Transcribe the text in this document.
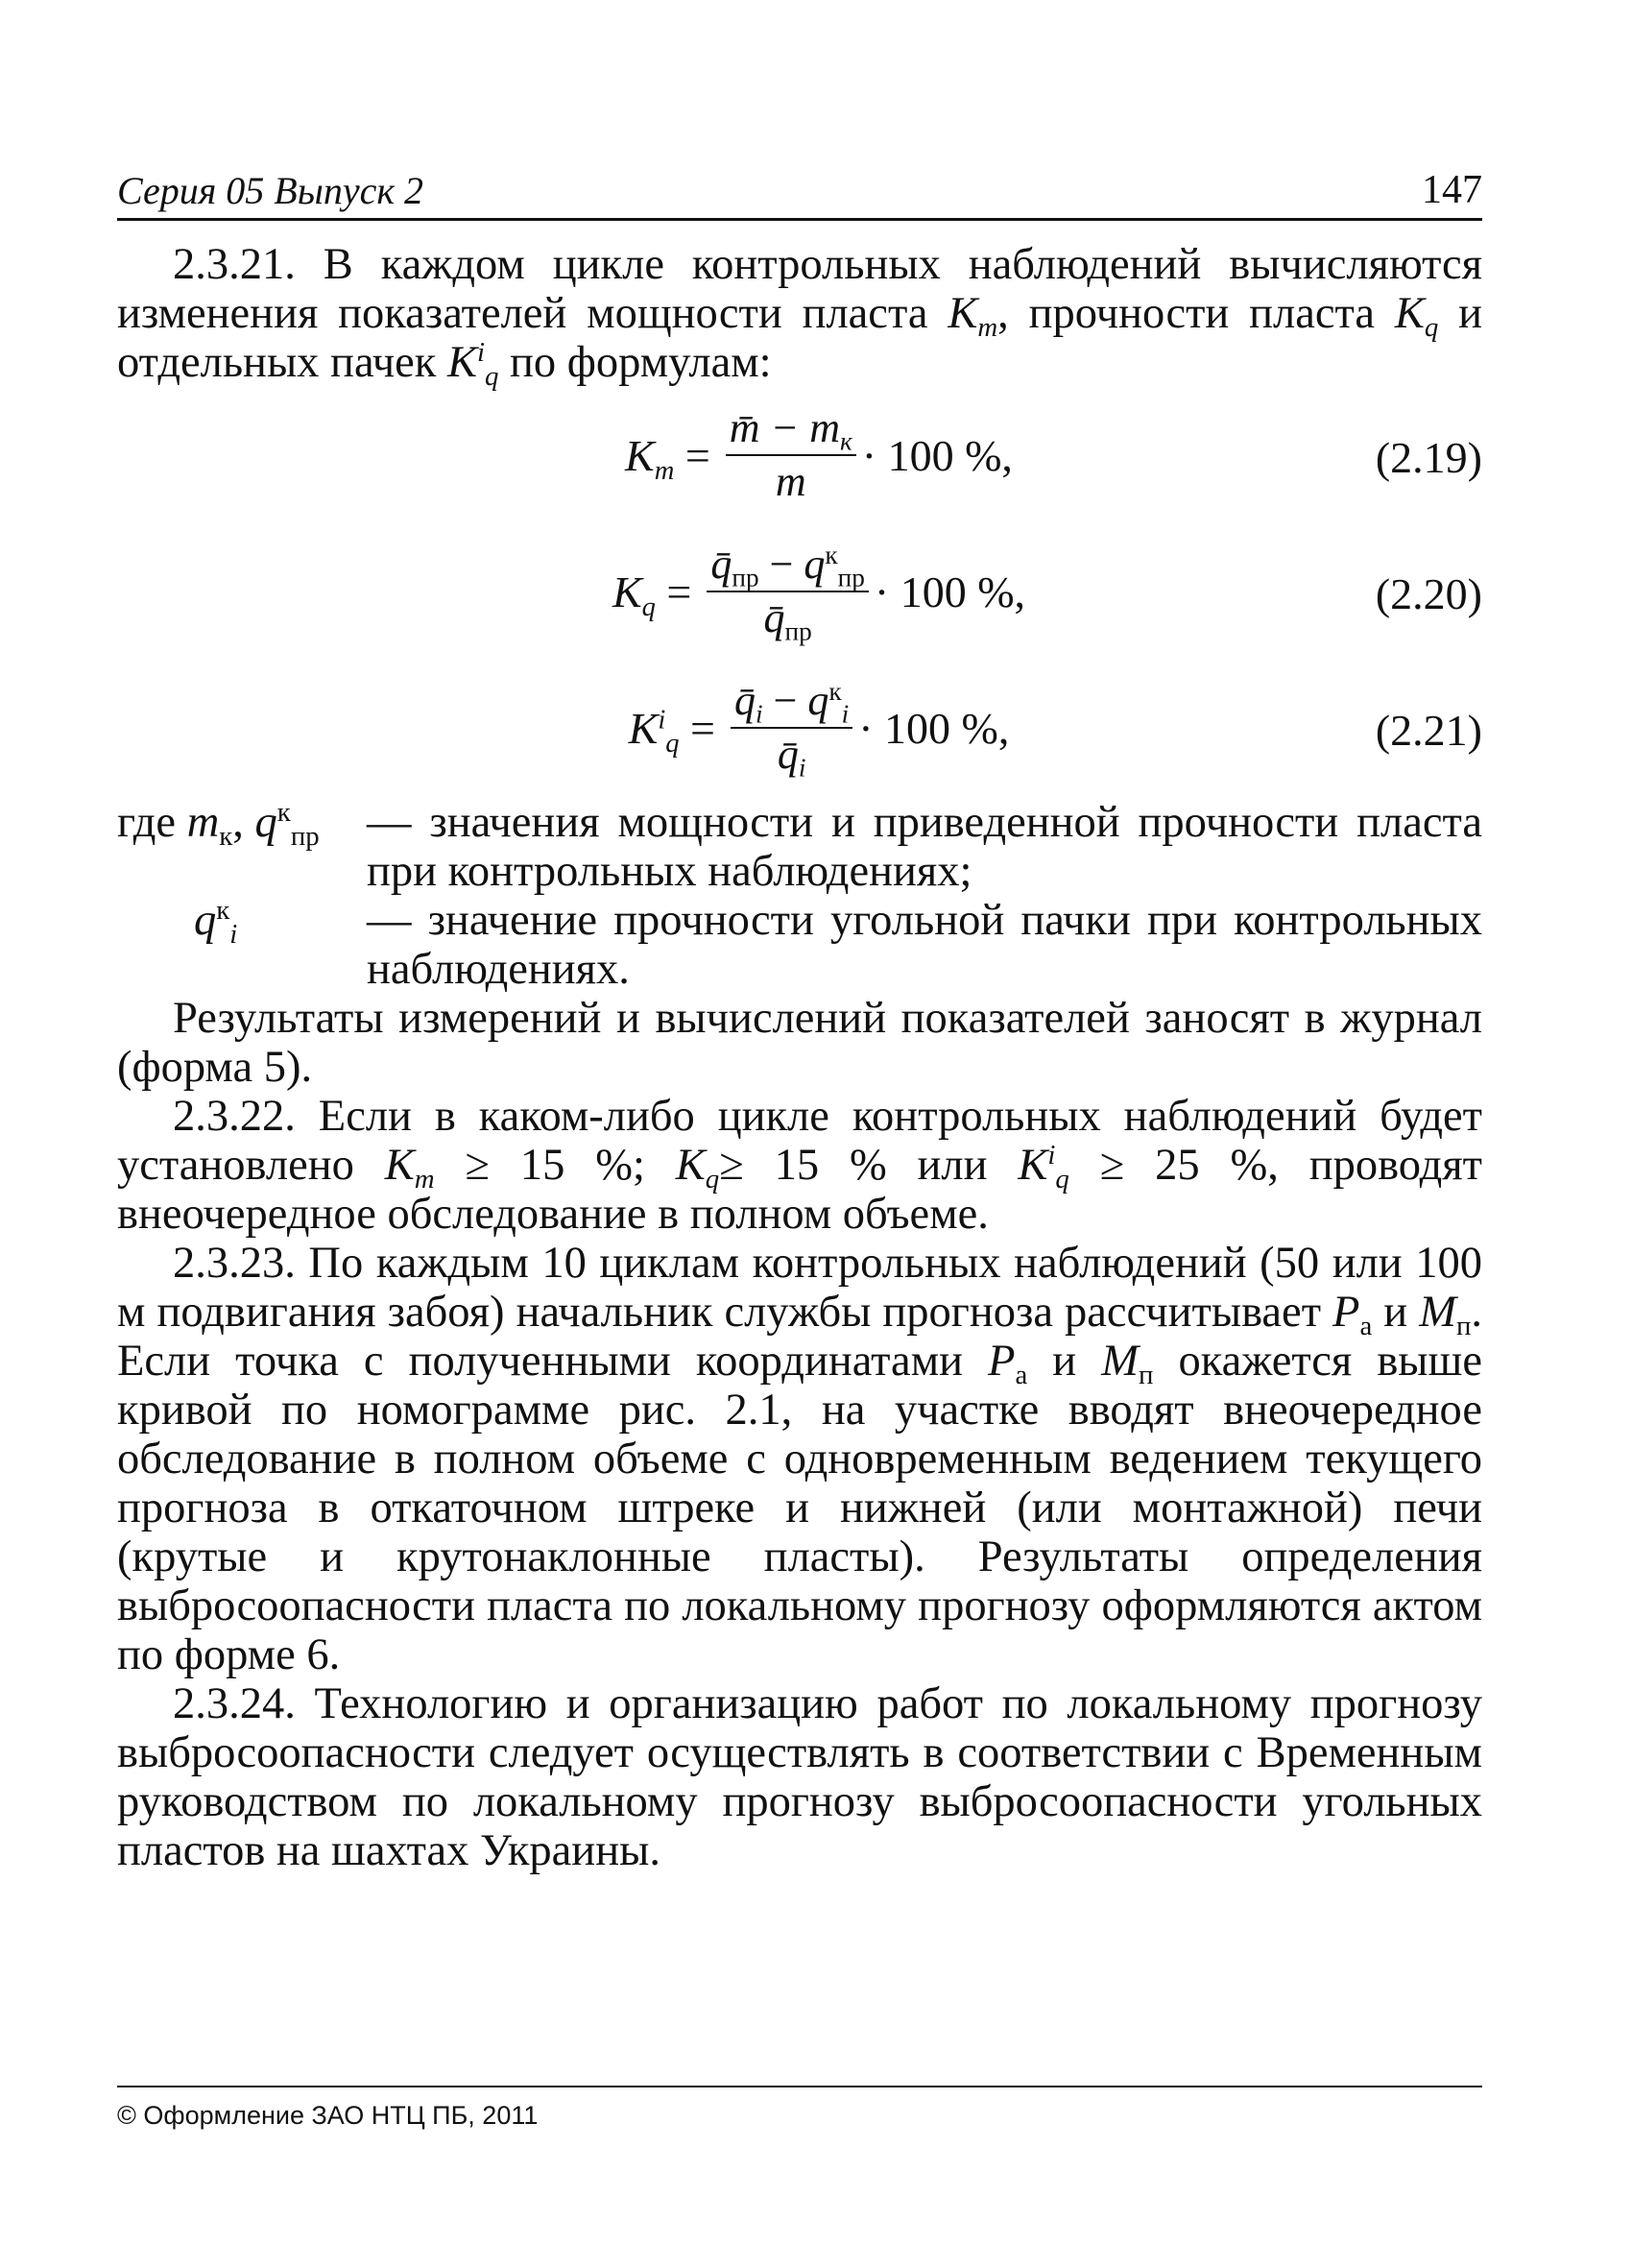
Серия 05 Выпуск 2	147

2.3.21. В каждом цикле контрольных наблюдений вычисляются изменения показателей мощности пласта $K_m$, прочности пласта $K_q$ и отдельных пачек $K^i_q$ по формулам:

$K_m = \frac{m̄ - m_к}{m} \cdot 100$ %,	(2.19)
$K_q = \frac{q̄_{пр} - q^к_{пр}}{q̄_{пр}} \cdot 100$ %,	(2.20)
$K^i_q = \frac{q̄_i - q^к_i}{q̄_i} \cdot 100$ %,	(2.21)
где $m_к$, $q^к_{пр}$	— значения мощности и приведенной прочности пласта при контрольных наблюдениях;
$q^к_i$	— значение прочности угольной пачки при контрольных наблюдениях.

Результаты измерений и вычислений показателей заносят в журнал (форма 5).

2.3.22. Если в каком-либо цикле контрольных наблюдений будет установлено $K_m \ge 15$ %; $K_q\ge 15$ % или $K^i_q \ge 25$ %, проводят внеочередное обследование в полном объеме.

2.3.23. По каждым 10 циклам контрольных наблюдений (50 или 100 м подвигания забоя) начальник службы прогноза рассчитывает $P_а$ и $M_п$. Если точка с полученными координатами $P_а$ и $M_п$ окажется выше кривой по номограмме рис. 2.1, на участке вводят внеочередное обследование в полном объеме с одновременным ведением текущего прогноза в откаточном штреке и нижней (или монтажной) печи (крутые и крутонаклонные пласты). Результаты определения выбросоопасности пласта по локальному прогнозу оформляются актом по форме 6.

2.3.24. Технологию и организацию работ по локальному прогнозу выбросоопасности следует осуществлять в соответствии с Временным руководством по локальному прогнозу выбросоопасности угольных пластов на шахтах Украины.

© Оформление ЗАО НТЦ ПБ, 2011
